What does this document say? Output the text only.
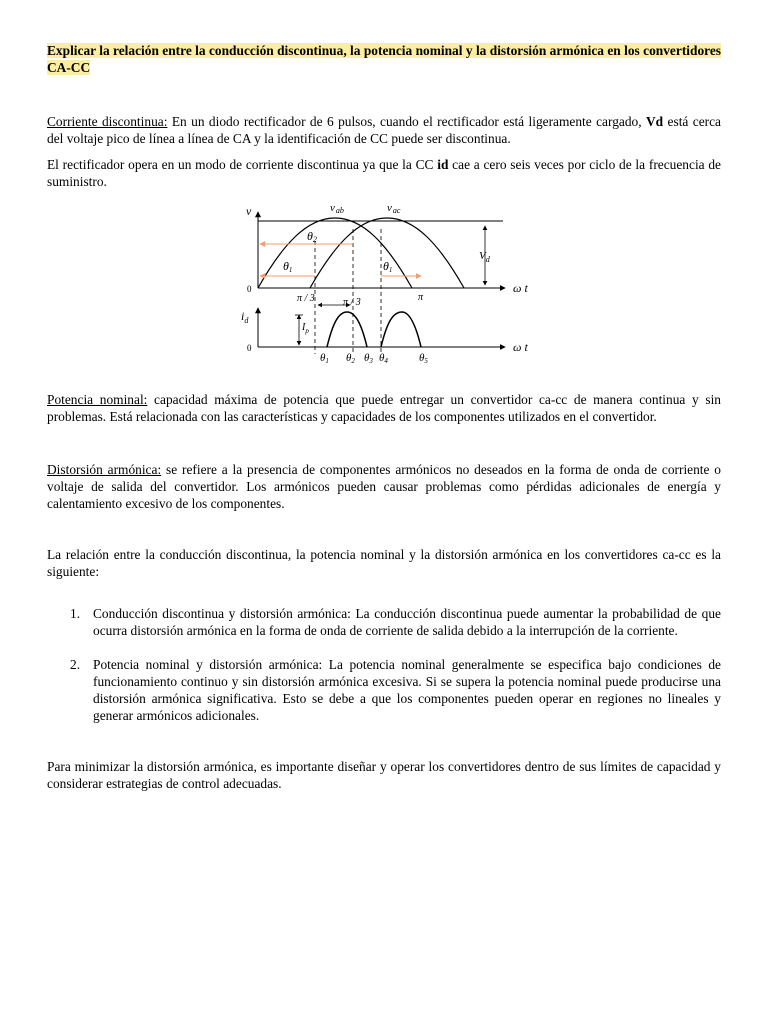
Explicar la relación entre la conducción discontinua, la potencia nominal y la distorsión armónica en los convertidores CA-CC

Corriente discontinua: En un diodo rectificador de 6 pulsos, cuando el rectificador está ligeramente cargado, Vd está cerca del voltaje pico de línea a línea de CA y la identificación de CC puede ser discontinua.

El rectificador opera en un modo de corriente discontinua ya que la CC id cae a cero seis veces por ciclo de la frecuencia de suministro.

v	vab	vac
θ2
θ1	θ1
$V_d$
0	ω t
π / 3	π / 3	π
$i_d$
$I_p$
0	ω t
θ1 θ2 θ3 θ4	θ5

Potencia nominal: capacidad máxima de potencia que puede entregar un convertidor ca-cc de manera continua y sin problemas. Está relacionada con las características y capacidades de los componentes utilizados en el convertidor.

Distorsión armónica: se refiere a la presencia de componentes armónicos no deseados en la forma de onda de corriente o voltaje de salida del convertidor. Los armónicos pueden causar problemas como pérdidas adicionales de energía y calentamiento excesivo de los componentes.

La relación entre la conducción discontinua, la potencia nominal y la distorsión armónica en los convertidores ca-cc es la siguiente:

1. Conducción discontinua y distorsión armónica: La conducción discontinua puede aumentar la probabilidad de que ocurra distorsión armónica en la forma de onda de corriente de salida debido a la interrupción de la corriente.
2. Potencia nominal y distorsión armónica: La potencia nominal generalmente se especifica bajo condiciones de funcionamiento continuo y sin distorsión armónica excesiva. Si se supera la potencia nominal puede producirse una distorsión armónica significativa. Esto se debe a que los componentes pueden operar en regiones no lineales y generar armónicos adicionales.

Para minimizar la distorsión armónica, es importante diseñar y operar los convertidores dentro de sus límites de capacidad y considerar estrategias de control adecuadas.
